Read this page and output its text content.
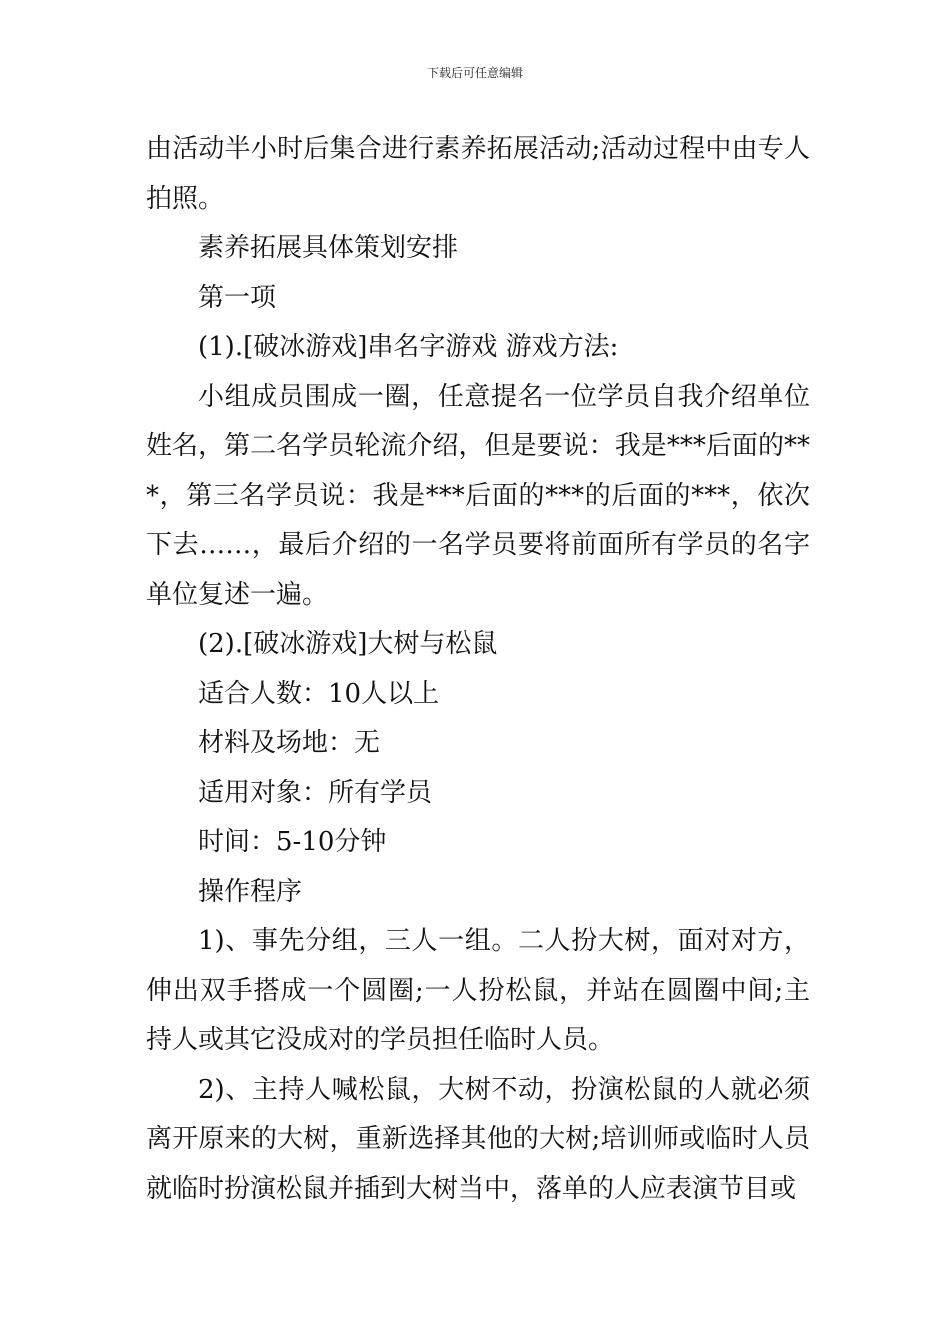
下载后可任意编辑

由活动半小时后集合进行素养拓展活动;活动过程中由专人拍照。

素养拓展具体策划安排

第一项

(1).[破冰游戏]串名字游戏 游戏方法:

小组成员围成一圈，任意提名一位学员自我介绍单位姓名，第二名学员轮流介绍，但是要说：我是***后面的***，第三名学员说：我是***后面的***的后面的***，依次下去……，最后介绍的一名学员要将前面所有学员的名字单位复述一遍。

(2).[破冰游戏]大树与松鼠

适合人数：10人以上

材料及场地：无

适用对象：所有学员

时间：5-10分钟

操作程序

1)、事先分组，三人一组。二人扮大树，面对对方，伸出双手搭成一个圆圈;一人扮松鼠，并站在圆圈中间;主持人或其它没成对的学员担任临时人员。

2)、主持人喊松鼠，大树不动，扮演松鼠的人就必须离开原来的大树，重新选择其他的大树;培训师或临时人员就临时扮演松鼠并插到大树当中，落单的人应表演节目或
